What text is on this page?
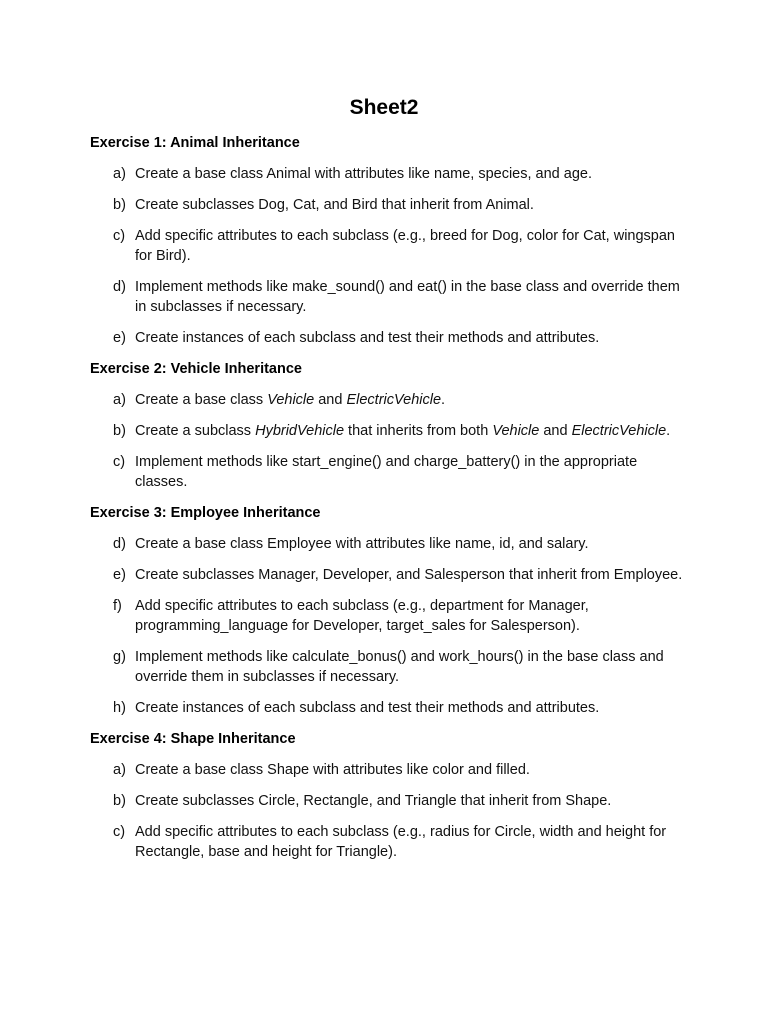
Sheet2
Exercise 1: Animal Inheritance
a) Create a base class Animal with attributes like name, species, and age.
b) Create subclasses Dog, Cat, and Bird that inherit from Animal.
c) Add specific attributes to each subclass (e.g., breed for Dog, color for Cat, wingspan for Bird).
d) Implement methods like make_sound() and eat() in the base class and override them in subclasses if necessary.
e) Create instances of each subclass and test their methods and attributes.
Exercise 2: Vehicle Inheritance
a) Create a base class Vehicle and ElectricVehicle.
b) Create a subclass HybridVehicle that inherits from both Vehicle and ElectricVehicle.
c) Implement methods like start_engine() and charge_battery() in the appropriate classes.
Exercise 3: Employee Inheritance
d) Create a base class Employee with attributes like name, id, and salary.
e) Create subclasses Manager, Developer, and Salesperson that inherit from Employee.
f) Add specific attributes to each subclass (e.g., department for Manager, programming_language for Developer, target_sales for Salesperson).
g) Implement methods like calculate_bonus() and work_hours() in the base class and override them in subclasses if necessary.
h) Create instances of each subclass and test their methods and attributes.
Exercise 4: Shape Inheritance
a) Create a base class Shape with attributes like color and filled.
b) Create subclasses Circle, Rectangle, and Triangle that inherit from Shape.
c) Add specific attributes to each subclass (e.g., radius for Circle, width and height for Rectangle, base and height for Triangle).
